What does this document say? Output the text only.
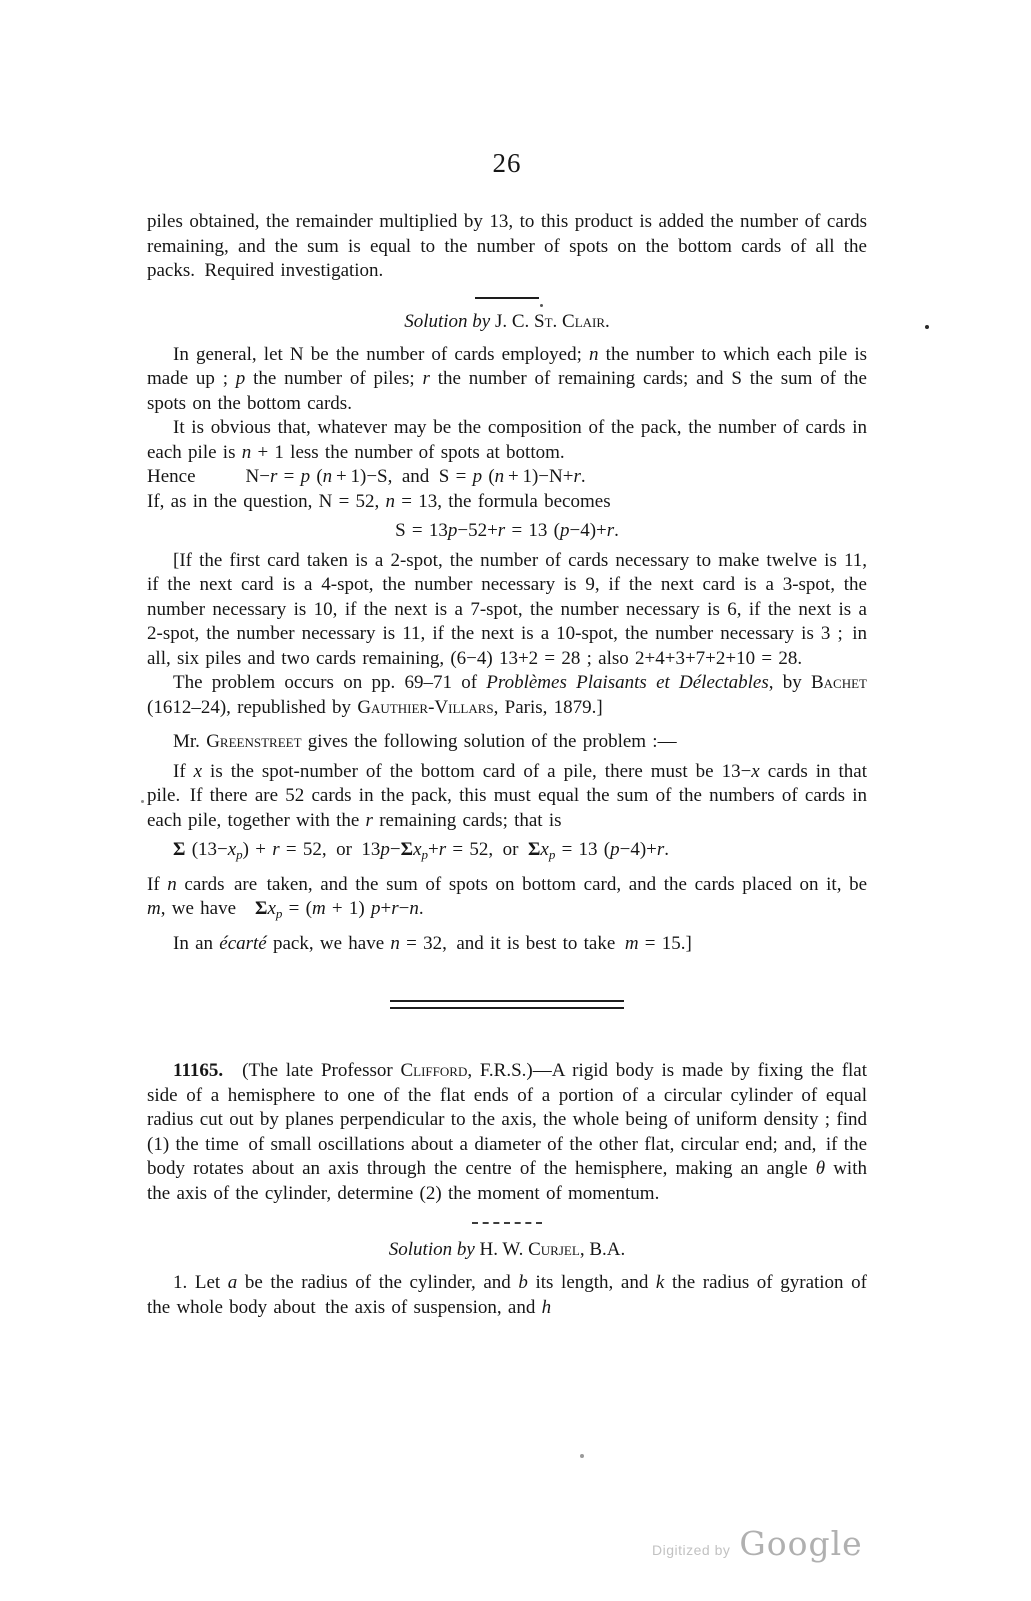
26

piles obtained, the remainder multiplied by 13, to this product is added the number of cards remaining, and the sum is equal to the number of spots on the bottom cards of all the packs. Required investigation.

Solution by J. C. St. Clair.

In general, let N be the number of cards employed; n the number to which each pile is made up ; p the number of piles; r the number of remaining cards; and S the sum of the spots on the bottom cards.

It is obvious that, whatever may be the composition of the pack, the number of cards in each pile is n + 1 less the number of spots at bottom.

Hence        N−r = p (n + 1)−S, and S = p (n + 1)−N+r.

If, as in the question, N = 52, n = 13, the formula becomes

S = 13p−52+r = 13 (p−4)+r.

[If the first card taken is a 2-spot, the number of cards necessary to make twelve is 11, if the next card is a 4-spot, the number necessary is 9, if the next card is a 3-spot, the number necessary is 10, if the next is a 7-spot, the number necessary is 6, if the next is a 2-spot, the number necessary is 11, if the next is a 10-spot, the number necessary is 3 ; in all, six piles and two cards remaining, (6−4) 13+2 = 28 ; also 2+4+3+7+2+10 = 28.

The problem occurs on pp. 69–71 of Problèmes Plaisants et Délectables, by Bachet (1612–24), republished by Gauthier-Villars, Paris, 1879.]

Mr. Greenstreet gives the following solution of the problem :—

If x is the spot-number of the bottom card of a pile, there must be 13−x cards in that pile. If there are 52 cards in the pack, this must equal the sum of the numbers of cards in each pile, together with the r remaining cards; that is

Σ $(13-x_p) + r = 52$, or $13p-\Sigma x_p+r = 52$, or $\Sigma x_p = 13$ (p−4)+r.

If n cards are taken, and the sum of spots on bottom card, and the cards placed on it, be m, we have  $\Sigma x_p = (m + 1)$ p+r−n.

In an écarté pack, we have n = 32, and it is best to take m = 15.]

11165.  (The late Professor Clifford, F.R.S.)—A rigid body is made by fixing the flat side of a hemisphere to one of the flat ends of a portion of a circular cylinder of equal radius cut out by planes perpendicular to the axis, the whole being of uniform density ; find (1) the time of small oscillations about a diameter of the other flat, circular end; and, if the body rotates about an axis through the centre of the hemisphere, making an angle θ with the axis of the cylinder, determine (2) the moment of momentum.

Solution by H. W. Curjel, B.A.

1. Let a be the radius of the cylinder, and b its length, and k the radius of gyration of the whole body about the axis of suspension, and h

Digitized by Google
